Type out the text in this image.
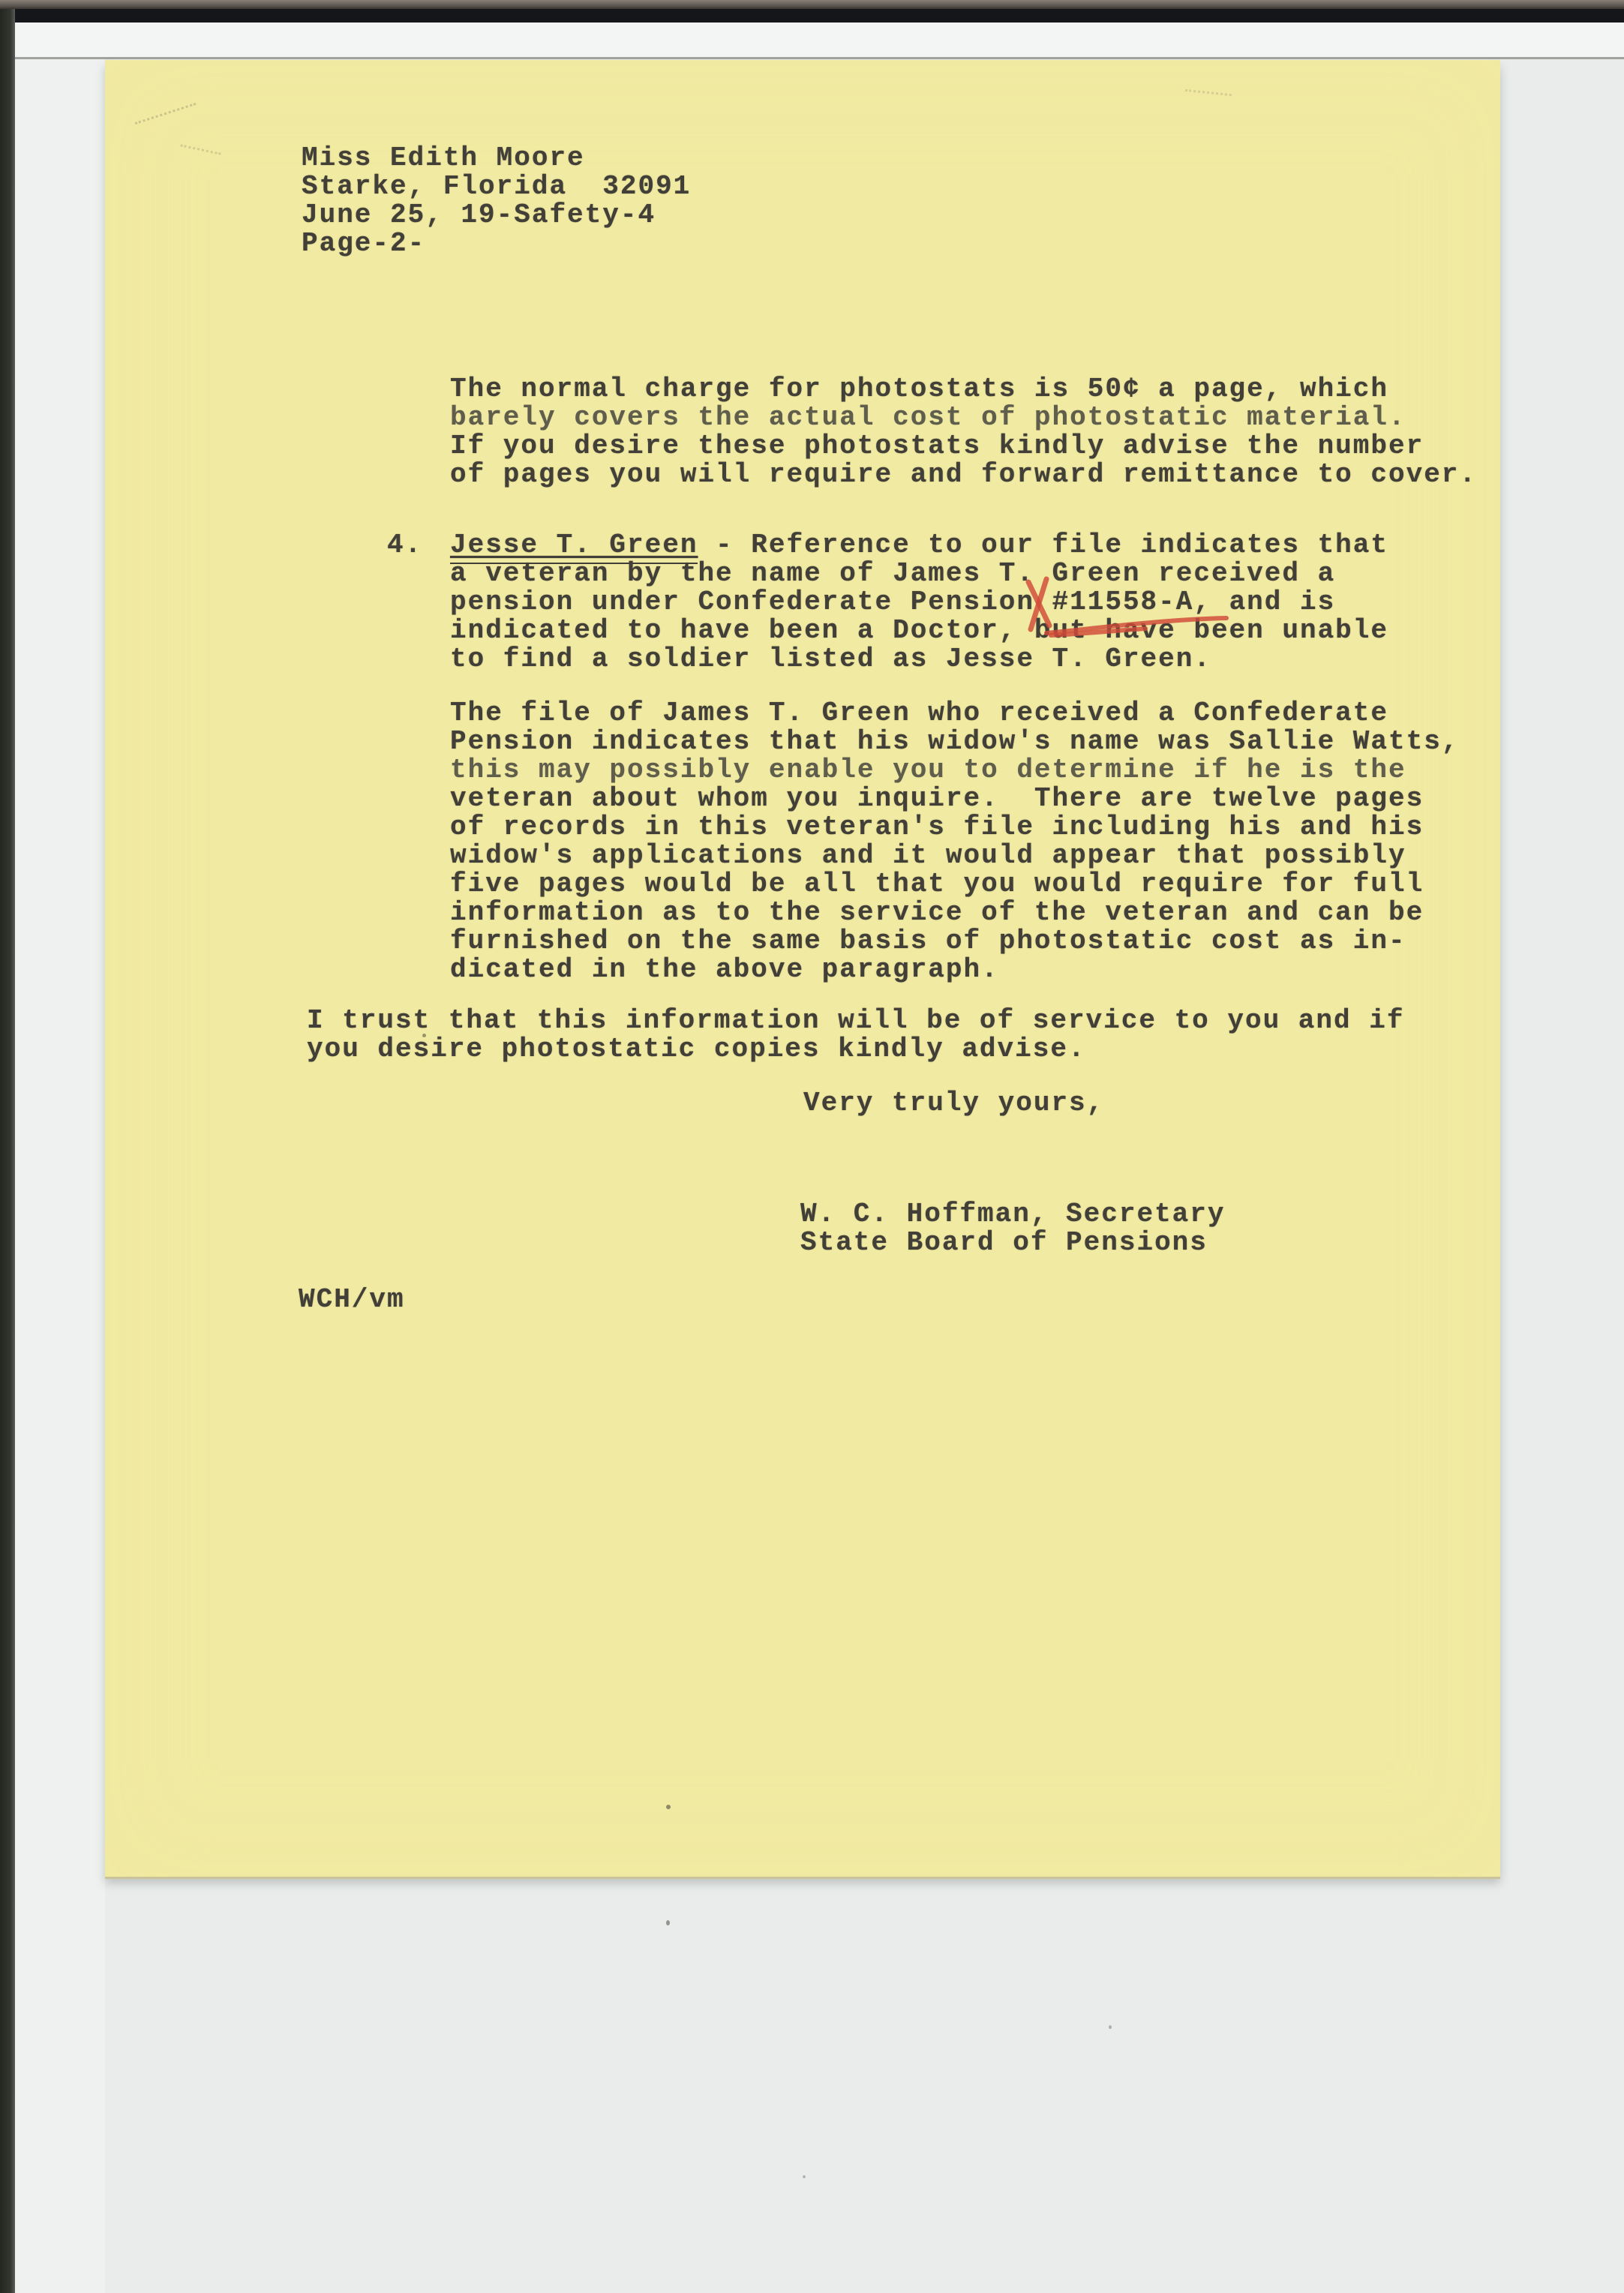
Miss Edith Moore
Starke, Florida  32091
June 25, 19-Safety-4
Page-2-
The normal charge for photostats is 50¢ a page, which
barely covers the actual cost of photostatic material.
If you desire these photostats kindly advise the number
of pages you will require and forward remittance to cover.
4. Jesse T. Green - Reference to our file indicates that
a veteran by the name of James T. Green received a
pension under Confederate Pension #11558-A
, and is
indicated to have been a Doctor, but have been unable
to find a soldier listed as Jesse T. Green.
The file of James T. Green who received a Confederate
Pension indicates that his widow's name was Sallie Watts,
this may possibly enable you to determine if he is the
veteran about whom you inquire.  There are twelve pages
of records in this veteran's file including his and his
widow's applications and it would appear that possibly
five pages would be all that you would require for full
information as to the service of the veteran and can be
furnished on the same basis of photostatic cost as in-
dicated in the above paragraph.
I trust that this information will be of service to you and if
you desire photostatic copies kindly advise.
Very truly yours,
W. C. Hoffman, Secretary
State Board of Pensions
WCH/vm
